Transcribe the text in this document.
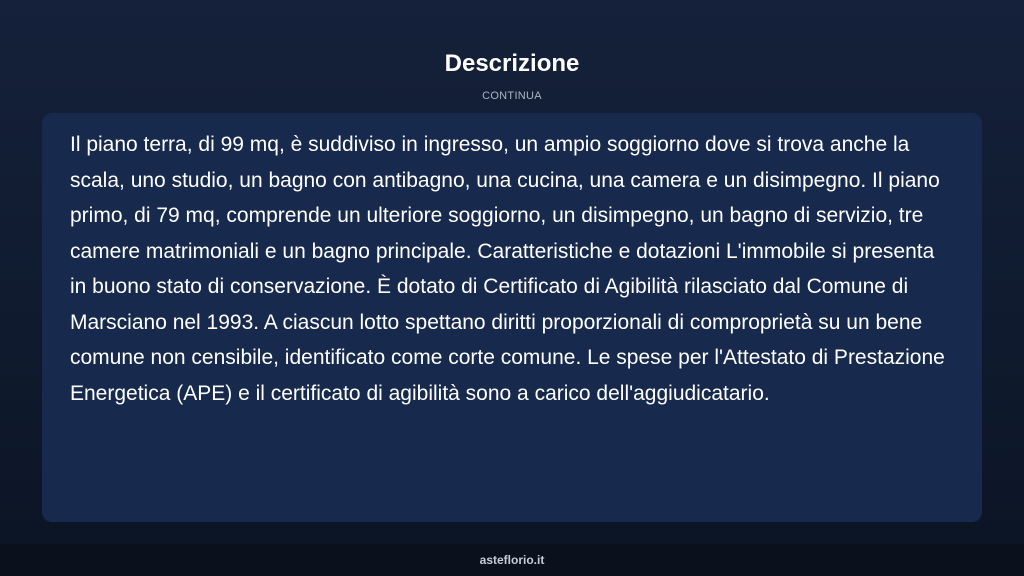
Descrizione
CONTINUA

Il piano terra, di 99 mq, è suddiviso in ingresso, un ampio soggiorno dove si trova anche la scala, uno studio, un bagno con antibagno, una cucina, una camera e un disimpegno. Il piano primo, di 79 mq, comprende un ulteriore soggiorno, un disimpegno, un bagno di servizio, tre camere matrimoniali e un bagno principale. Caratteristiche e dotazioni L'immobile si presenta in buono stato di conservazione. È dotato di Certificato di Agibilità rilasciato dal Comune di Marsciano nel 1993. A ciascun lotto spettano diritti proporzionali di comproprietà su un bene comune non censibile, identificato come corte comune. Le spese per l'Attestato di Prestazione Energetica (APE) e il certificato di agibilità sono a carico dell'aggiudicatario.

asteflorio.it
